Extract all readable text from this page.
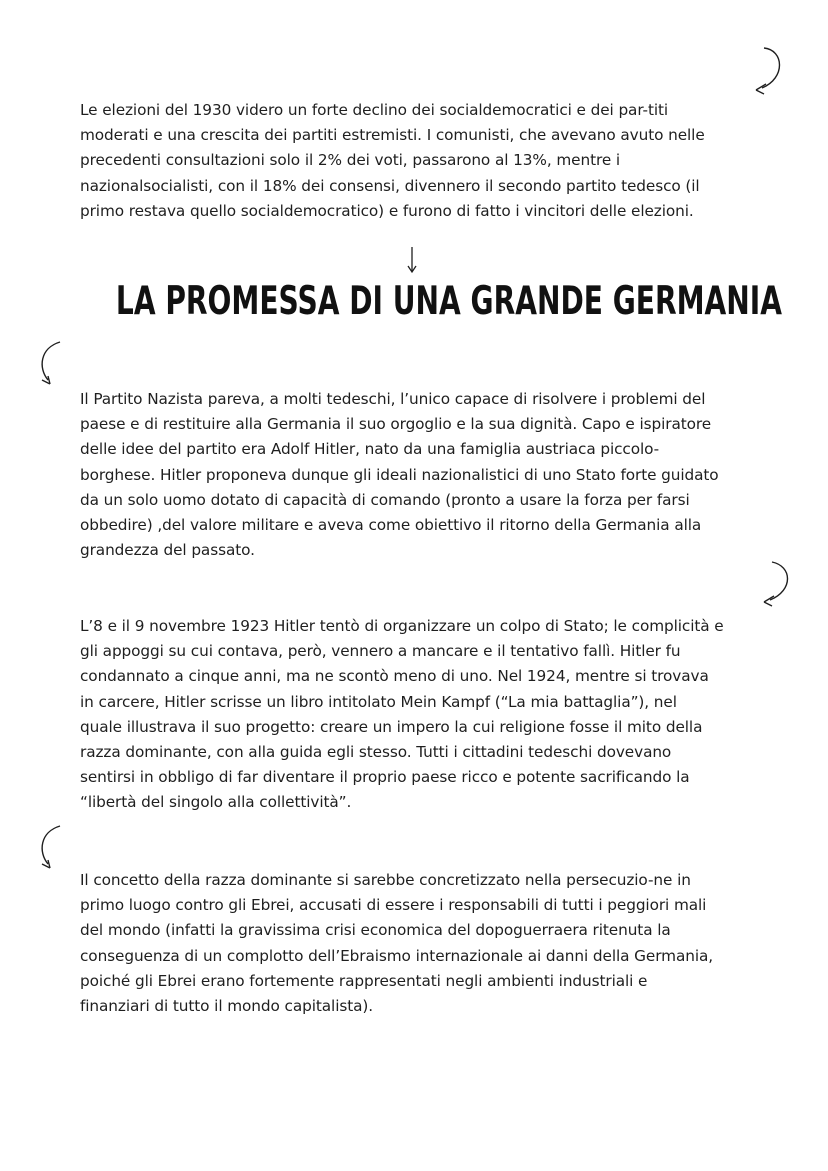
Le elezioni del 1930 videro un forte declino dei socialdemocratici e dei par-titi
moderati e una crescita dei partiti estremisti. I comunisti, che avevano avuto nelle
precedenti consultazioni solo il 2% dei voti, passarono al 13%, mentre i
nazionalsocialisti, con il 18% dei consensi, divennero il secondo partito tedesco (il
primo restava quello socialdemocratico) e furono di fatto i vincitori delle elezioni.

LA PROMESSA DI UNA GRANDE GERMANIA

Il Partito Nazista pareva, a molti tedeschi, l’unico capace di risolvere i problemi del
paese e di restituire alla Germania il suo orgoglio e la sua dignità. Capo e ispiratore
delle idee del partito era Adolf Hitler, nato da una famiglia austriaca piccolo-
borghese. Hitler proponeva dunque gli ideali nazionalistici di uno Stato forte guidato
da un solo uomo dotato di capacità di comando (pronto a usare la forza per farsi
obbedire) ,del valore militare e aveva come obiettivo il ritorno della Germania alla
grandezza del passato.

L’8 e il 9 novembre 1923 Hitler tentò di organizzare un colpo di Stato; le complicità e
gli appoggi su cui contava, però, vennero a mancare e il tentativo fallì. Hitler fu
condannato a cinque anni, ma ne scontò meno di uno. Nel 1924, mentre si trovava
in carcere, Hitler scrisse un libro intitolato Mein Kampf (“La mia battaglia”), nel
quale illustrava il suo progetto: creare un impero la cui religione fosse il mito della
razza dominante, con alla guida egli stesso. Tutti i cittadini tedeschi dovevano
sentirsi in obbligo di far diventare il proprio paese ricco e potente sacrificando la
“libertà del singolo alla collettività”.

Il concetto della razza dominante si sarebbe concretizzato nella persecuzio-ne in
primo luogo contro gli Ebrei, accusati di essere i responsabili di tutti i peggiori mali
del mondo (infatti la gravissima crisi economica del dopoguerraera ritenuta la
conseguenza di un complotto dell’Ebraismo internazionale ai danni della Germania,
poiché gli Ebrei erano fortemente rappresentati negli ambienti industriali e
finanziari di tutto il mondo capitalista).
